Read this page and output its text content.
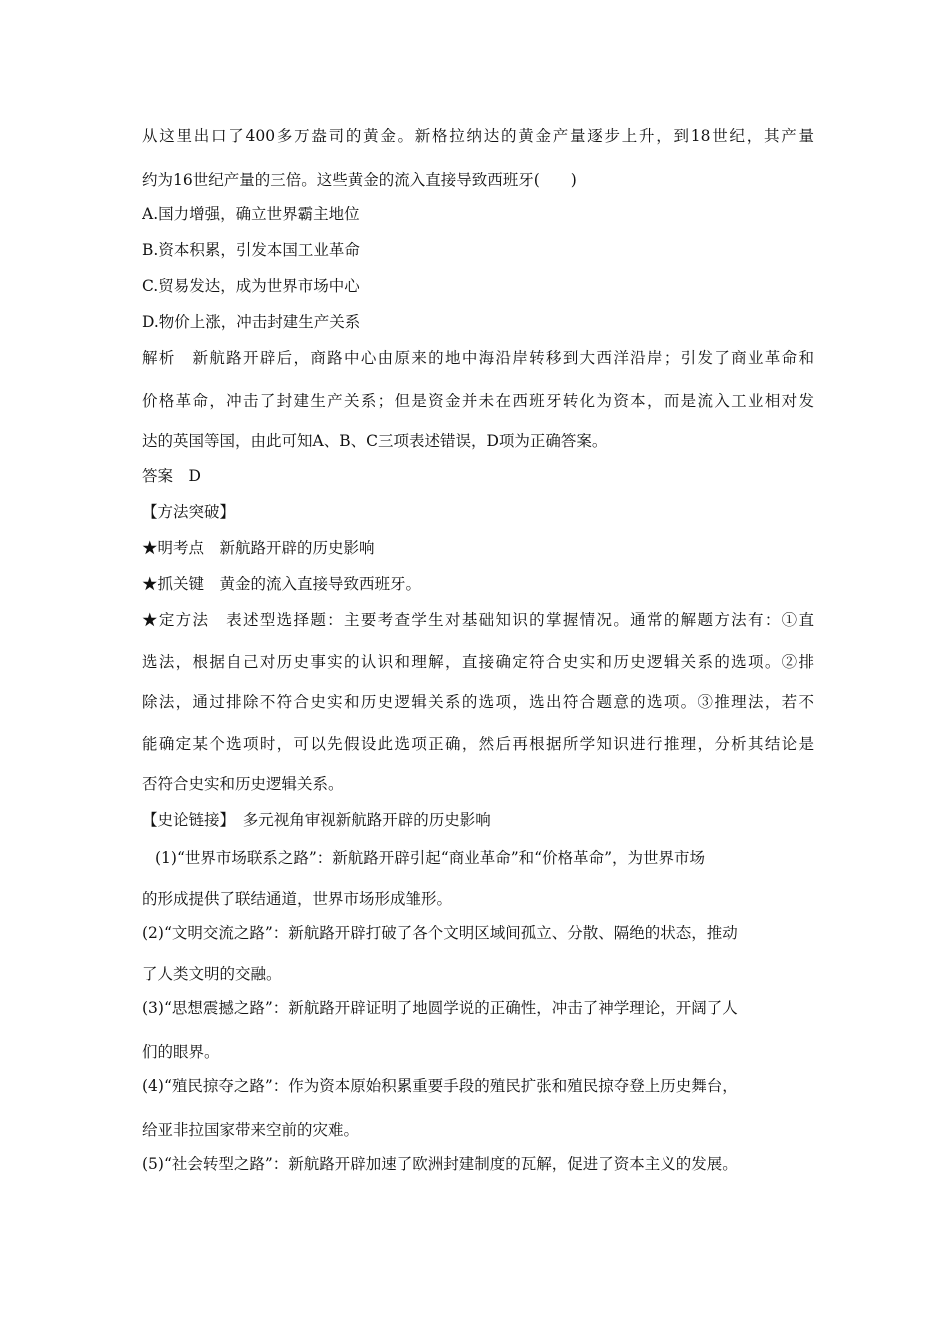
从这里出口了400多万盎司的黄金。新格拉纳达的黄金产量逐步上升，到18世纪，其产量
约为16世纪产量的三倍。这些黄金的流入直接导致西班牙(　　)
A.国力增强，确立世界霸主地位
B.资本积累，引发本国工业革命
C.贸易发达，成为世界市场中心
D.物价上涨，冲击封建生产关系
解析　新航路开辟后，商路中心由原来的地中海沿岸转移到大西洋沿岸；引发了商业革命和
价格革命，冲击了封建生产关系；但是资金并未在西班牙转化为资本，而是流入工业相对发
达的英国等国，由此可知A、B、C三项表述错误，D项为正确答案。
答案　D
【方法突破】
★明考点　新航路开辟的历史影响
★抓关键　黄金的流入直接导致西班牙。
★定方法　表述型选择题：主要考查学生对基础知识的掌握情况。通常的解题方法有：①直
选法，根据自己对历史事实的认识和理解，直接确定符合史实和历史逻辑关系的选项。②排
除法，通过排除不符合史实和历史逻辑关系的选项，选出符合题意的选项。③推理法，若不
能确定某个选项时，可以先假设此选项正确，然后再根据所学知识进行推理，分析其结论是
否符合史实和历史逻辑关系。
【史论链接】　多元视角审视新航路开辟的历史影响
(1)“世界市场联系之路”：新航路开辟引起“商业革命”和“价格革命”，为世界市场
的形成提供了联结通道，世界市场形成雏形。
(2)“文明交流之路”：新航路开辟打破了各个文明区域间孤立、分散、隔绝的状态，推动
了人类文明的交融。
(3)“思想震撼之路”：新航路开辟证明了地圆学说的正确性，冲击了神学理论，开阔了人
们的眼界。
(4)“殖民掠夺之路”：作为资本原始积累重要手段的殖民扩张和殖民掠夺登上历史舞台，
给亚非拉国家带来空前的灾难。
(5)“社会转型之路”：新航路开辟加速了欧洲封建制度的瓦解，促进了资本主义的发展。
